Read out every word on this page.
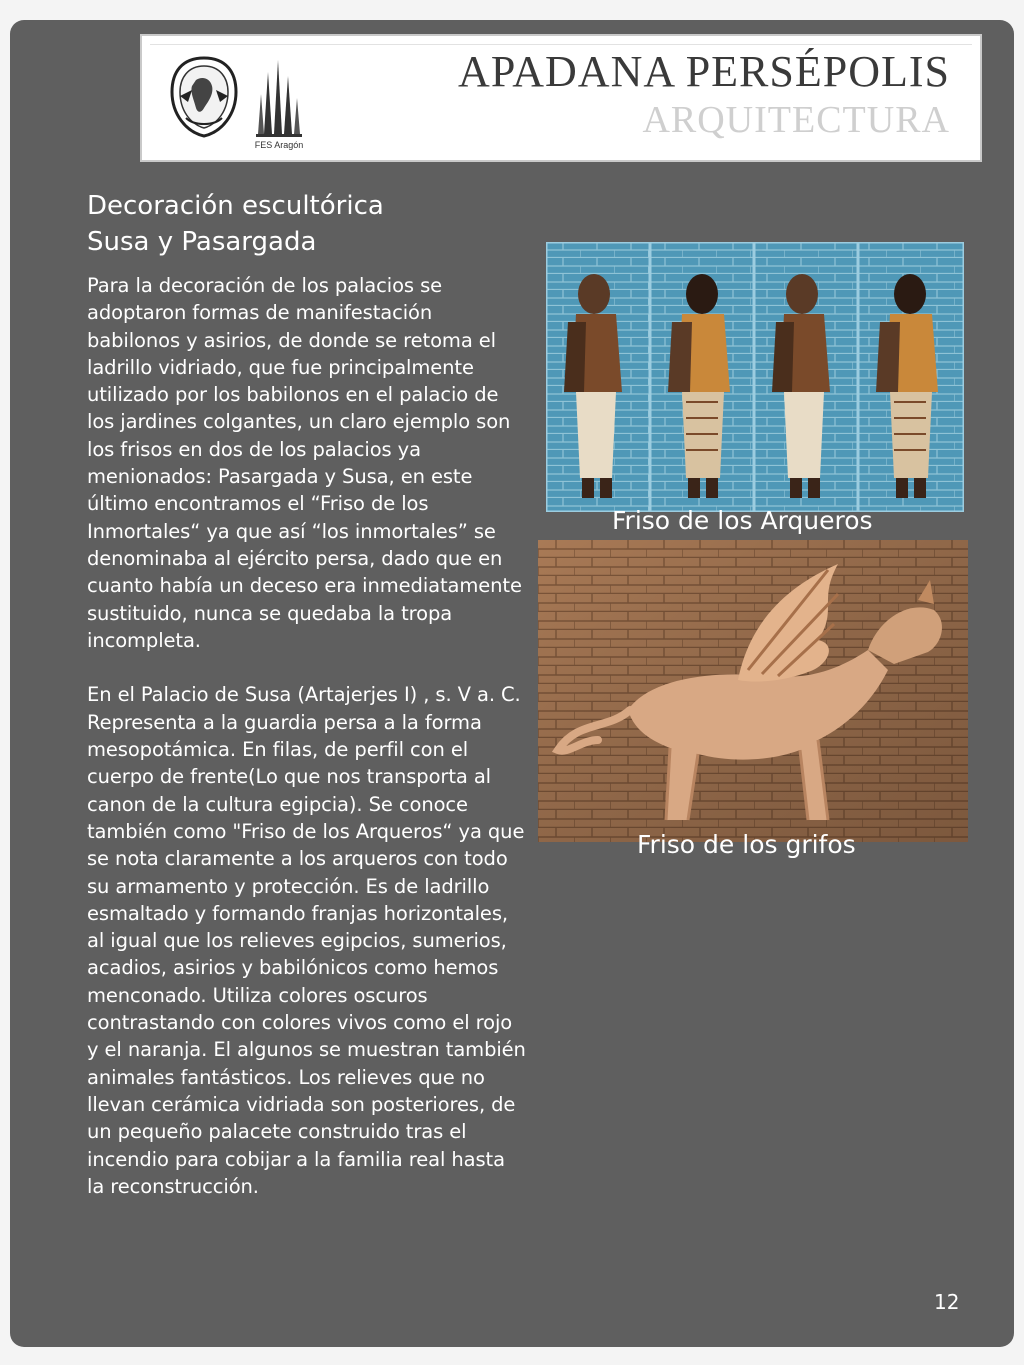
FES Aragón
APADANA PERSÉPOLIS
ARQUITECTURA
Decoración escultórica
Susa y Pasargada

Para la decoración de los palacios se adoptaron formas de manifestación babilonos y asirios, de donde se retoma el ladrillo vidriado, que fue principalmente utilizado por los babilonos en el palacio de los jardines colgantes, un claro ejemplo son los frisos en dos de los palacios ya menionados: Pasargada y Susa, en este último encontramos el “Friso de los Inmortales“ ya que así “los inmortales” se denominaba al ejército persa, dado que en cuanto había un deceso era inmediatamente sustituido, nunca se quedaba la tropa incompleta.

En el Palacio de Susa (Artajerjes I) , s. V a. C. Representa a la guardia persa a la forma mesopotámica. En filas, de perfil con el cuerpo de frente(Lo que nos transporta al canon de la cultura egipcia). Se conoce también como "Friso de los Arqueros“ ya que se nota claramente a los arqueros con todo su armamento y protección. Es de ladrillo esmaltado y formando franjas horizontales, al igual que los relieves egipcios, sumerios, acadios, asirios y babilónicos como hemos menconado. Utiliza colores oscuros contrastando con colores vivos como el rojo y el naranja. El algunos se muestran también animales fantásticos. Los relieves que no llevan cerámica vidriada son posteriores, de un pequeño palacete construido tras el incendio para cobijar a la familia real hasta la reconstrucción.

Friso de los Arqueros
Friso de los grifos
12
